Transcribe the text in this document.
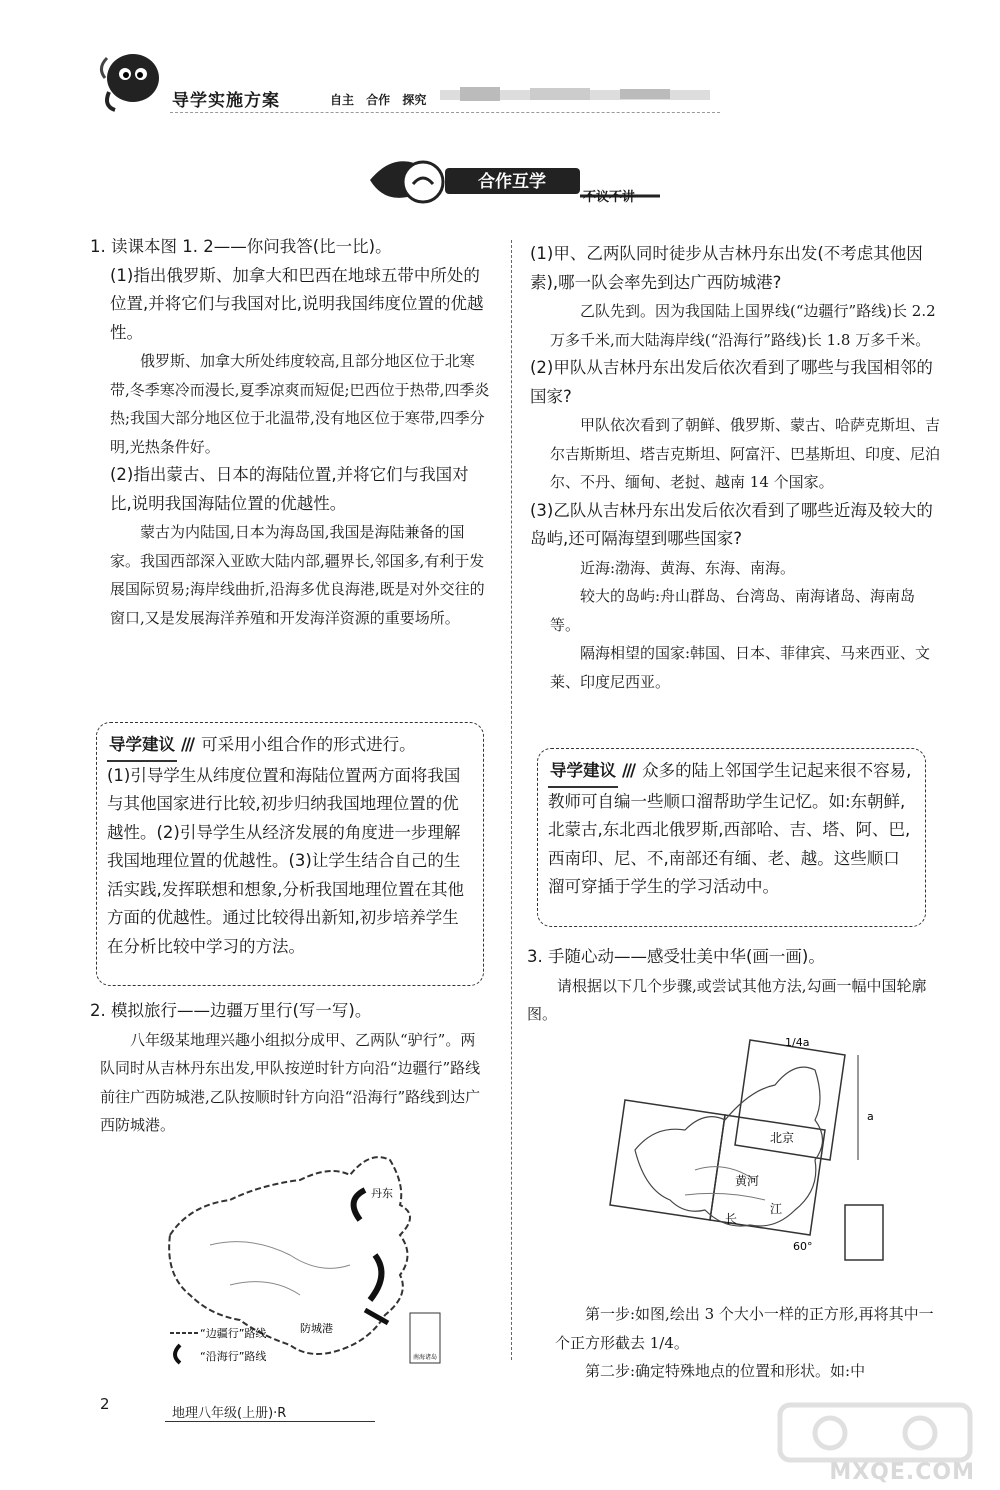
导学实施方案	自主 合作 探究
合作互学
不议不讲

1. 读课本图 1. 2——你问我答(比一比)。

(1)指出俄罗斯、加拿大和巴西在地球五带中所处的位置,并将它们与我国对比,说明我国纬度位置的优越性。

俄罗斯、加拿大所处纬度较高,且部分地区位于北寒带,冬季寒冷而漫长,夏季凉爽而短促;巴西位于热带,四季炎热;我国大部分地区位于北温带,没有地区位于寒带,四季分明,光热条件好。

(2)指出蒙古、日本的海陆位置,并将它们与我国对比,说明我国海陆位置的优越性。

蒙古为内陆国,日本为海岛国,我国是海陆兼备的国家。我国西部深入亚欧大陆内部,疆界长,邻国多,有利于发展国际贸易;海岸线曲折,沿海多优良海港,既是对外交往的窗口,又是发展海洋养殖和开发海洋资源的重要场所。

导学建议 /// 可采用小组合作的形式进行。

(1)引导学生从纬度位置和海陆位置两方面将我国与其他国家进行比较,初步归纳我国地理位置的优越性。(2)引导学生从经济发展的角度进一步理解我国地理位置的优越性。(3)让学生结合自己的生活实践,发挥联想和想象,分析我国地理位置在其他方面的优越性。通过比较得出新知,初步培养学生在分析比较中学习的方法。

2. 模拟旅行——边疆万里行(写一写)。

八年级某地理兴趣小组拟分成甲、乙两队“驴行”。两队同时从吉林丹东出发,甲队按逆时针方向沿“边疆行”路线前往广西防城港,乙队按顺时针方向沿“沿海行”路线到达广西防城港。

丹东
防城港
“边疆行”路线
“沿海行”路线	南海诸岛

(1)甲、乙两队同时徒步从吉林丹东出发(不考虑其他因素),哪一队会率先到达广西防城港?

乙队先到。因为我国陆上国界线(“边疆行”路线)长 2.2 万多千米,而大陆海岸线(“沿海行”路线)长 1.8 万多千米。

(2)甲队从吉林丹东出发后依次看到了哪些与我国相邻的国家?

甲队依次看到了朝鲜、俄罗斯、蒙古、哈萨克斯坦、吉尔吉斯斯坦、塔吉克斯坦、阿富汗、巴基斯坦、印度、尼泊尔、不丹、缅甸、老挝、越南 14 个国家。

(3)乙队从吉林丹东出发后依次看到了哪些近海及较大的岛屿,还可隔海望到哪些国家?

近海:渤海、黄海、东海、南海。

较大的岛屿:舟山群岛、台湾岛、南海诸岛、海南岛等。

隔海相望的国家:韩国、日本、菲律宾、马来西亚、文莱、印度尼西亚。

导学建议 /// 众多的陆上邻国学生记起来很不容易,教师可自编一些顺口溜帮助学生记忆。如:东朝鲜,北蒙古,东北西北俄罗斯,西部哈、吉、塔、阿、巴,西南印、尼、不,南部还有缅、老、越。这些顺口溜可穿插于学生的学习活动中。

3. 手随心动——感受壮美中华(画一画)。

请根据以下几个步骤,或尝试其他方法,勾画一幅中国轮廓图。

1/4a
a
北京
黄河
长
江
60°

第一步:如图,绘出 3 个大小一样的正方形,再将其中一个正方形截去 1/4。

第二步:确定特殊地点的位置和形状。如:中

2
地理八年级(上册)·R
MXQE.COM
